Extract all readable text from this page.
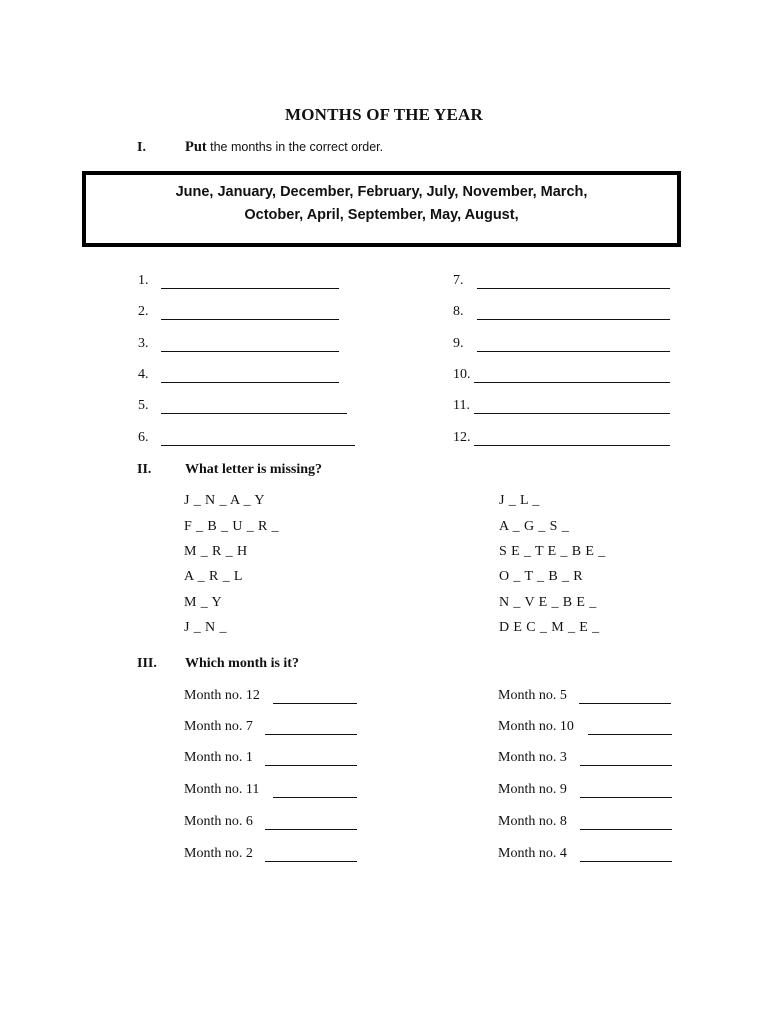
MONTHS OF THE YEAR
I.	Put the months in the correct order.
June, January, December, February, July, November, March,
October, April, September, May, August,
1.
2.
3.
4.
5.
6.
7.
8.
9.
10.
11.
12.
II. What letter is missing?
J _ N _ A _ Y
F _ B _ U _ R _
M _ R _ H
A _ R _ L
M _ Y
J _ N _
J _ L _
A _ G _ S _
S E _ T E _ B E _
O _ T _ B _ R
N _ V E _ B E _
D E C _ M _ E _
III. Which month is it?
Month no. 12
Month no. 7
Month no. 1
Month no. 11
Month no. 6
Month no. 2
Month no. 5
Month no. 10
Month no. 3
Month no. 9
Month no. 8
Month no. 4
